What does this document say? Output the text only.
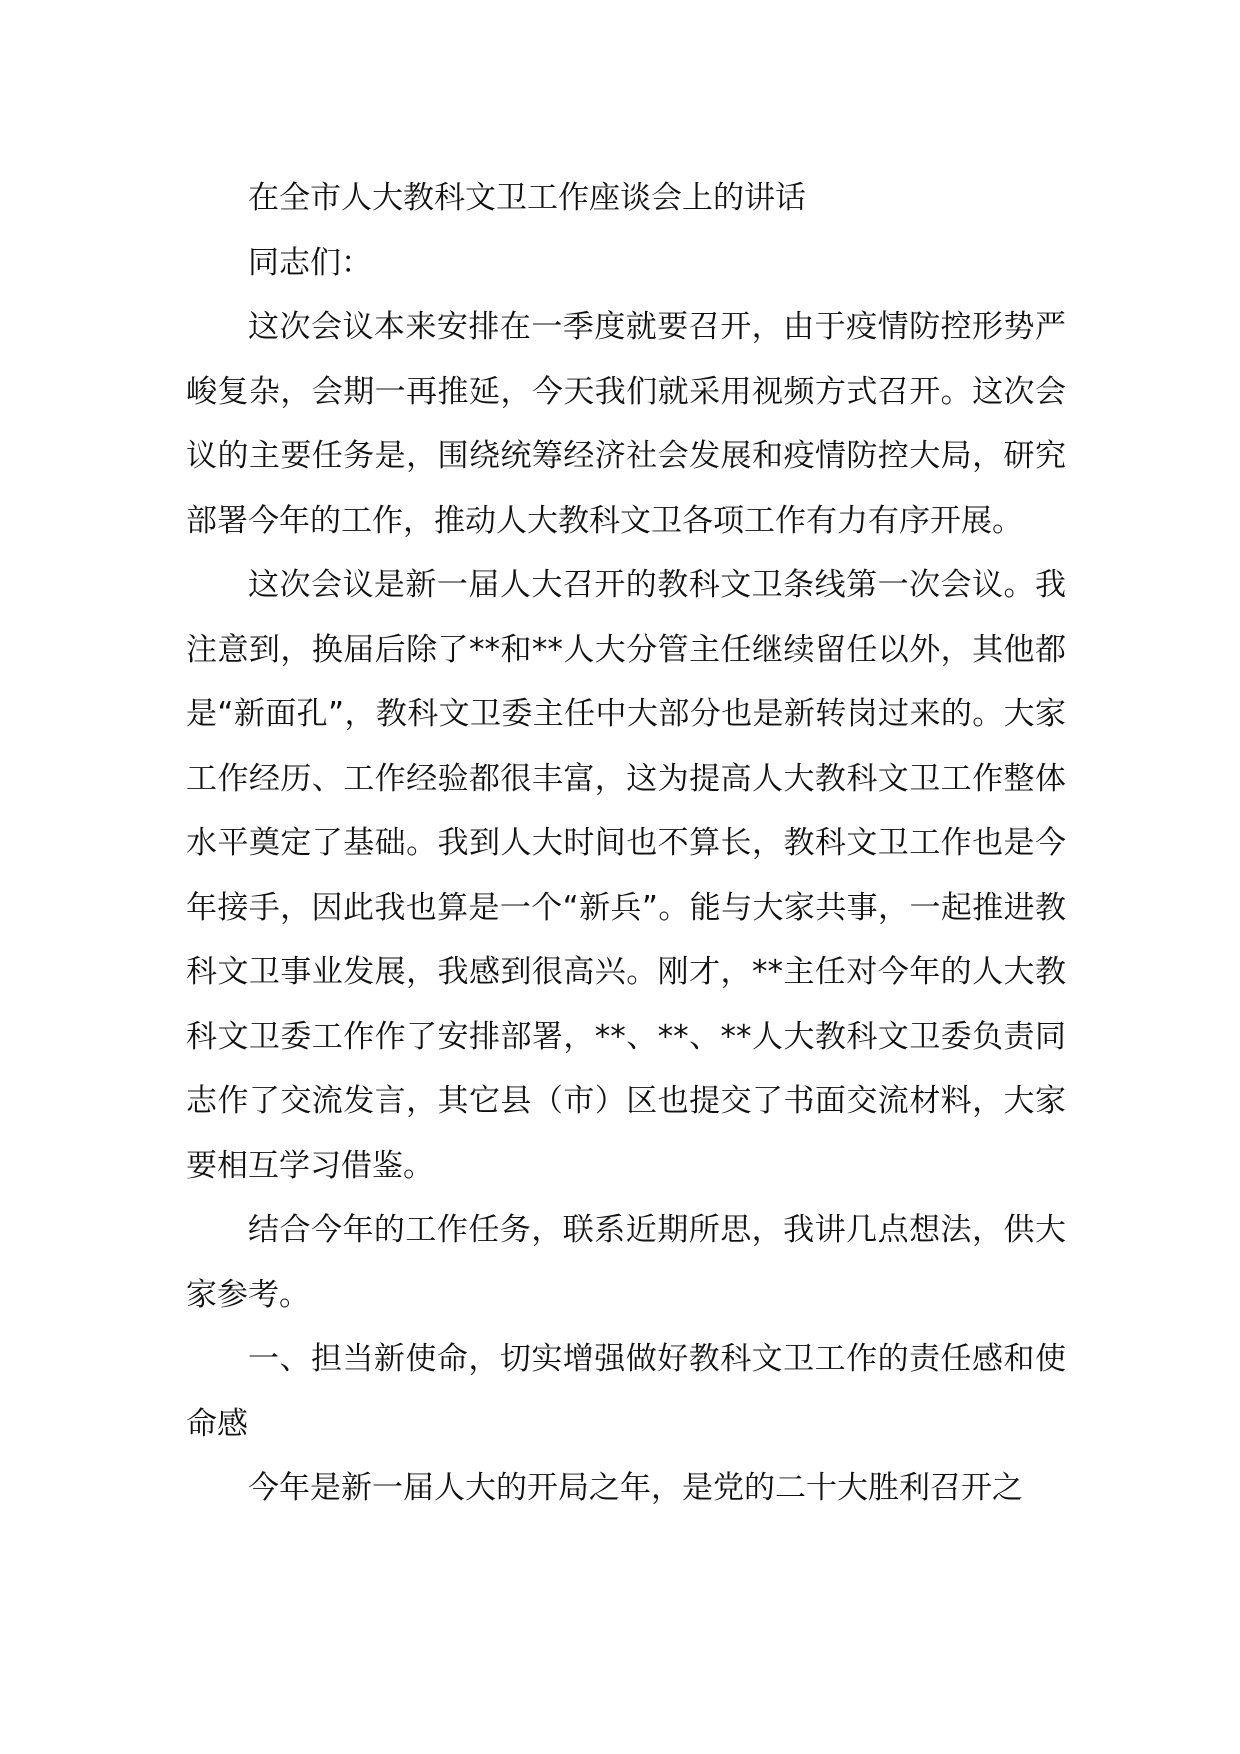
在全市人大教科文卫工作座谈会上的讲话

同志们：

这次会议本来安排在一季度就要召开，由于疫情防控形势严峻复杂，会期一再推延，今天我们就采用视频方式召开。这次会议的主要任务是，围绕统筹经济社会发展和疫情防控大局，研究部署今年的工作，推动人大教科文卫各项工作有力有序开展。

这次会议是新一届人大召开的教科文卫条线第一次会议。我注意到，换届后除了**和**人大分管主任继续留任以外，其他都是“新面孔”，教科文卫委主任中大部分也是新转岗过来的。大家工作经历、工作经验都很丰富，这为提高人大教科文卫工作整体水平奠定了基础。我到人大时间也不算长，教科文卫工作也是今年接手，因此我也算是一个“新兵”。能与大家共事，一起推进教科文卫事业发展，我感到很高兴。刚才，**主任对今年的人大教科文卫委工作作了安排部署，**、**、**人大教科文卫委负责同志作了交流发言，其它县（市）区也提交了书面交流材料，大家要相互学习借鉴。

结合今年的工作任务，联系近期所思，我讲几点想法，供大家参考。

一、担当新使命，切实增强做好教科文卫工作的责任感和使命感

今年是新一届人大的开局之年，是党的二十大胜利召开之
